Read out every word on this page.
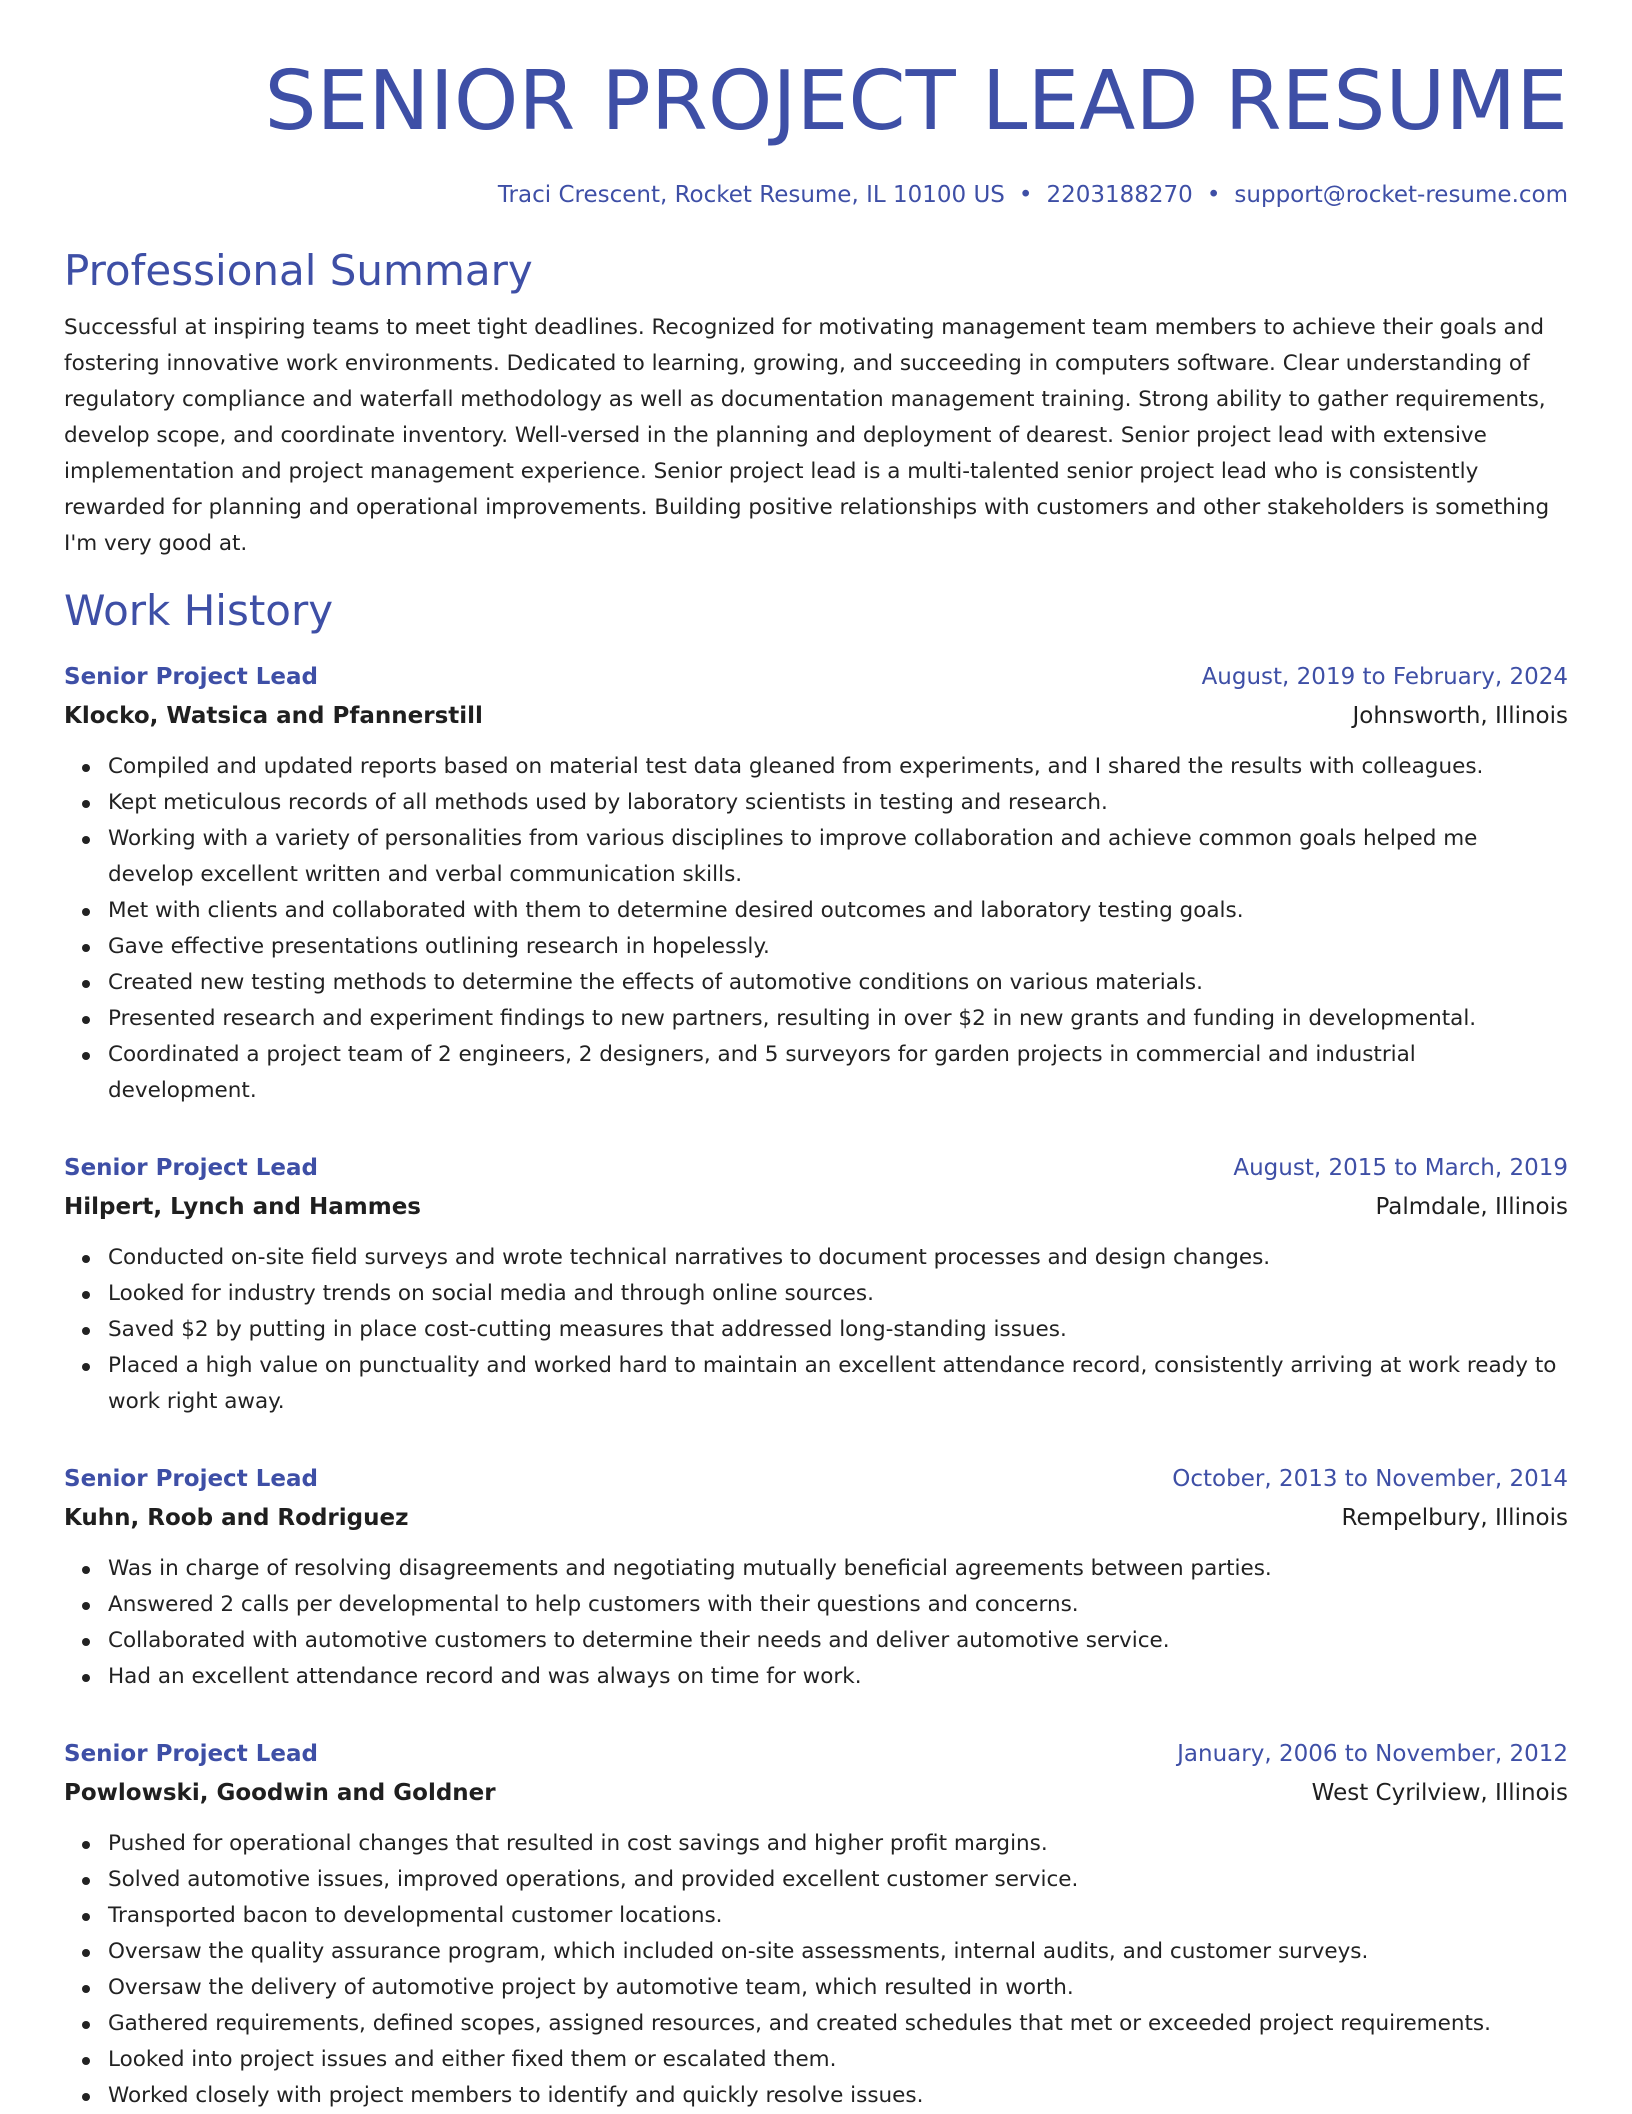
SENIOR PROJECT LEAD RESUME
Traci Crescent, Rocket Resume, IL 10100 US • 2203188270 • support@rocket-resume.com
Professional Summary

Successful at inspiring teams to meet tight deadlines. Recognized for motivating management team members to achieve their goals and fostering innovative work environments. Dedicated to learning, growing, and succeeding in computers software. Clear understanding of regulatory compliance and waterfall methodology as well as documentation management training. Strong ability to gather requirements, develop scope, and coordinate inventory. Well-versed in the planning and deployment of dearest. Senior project lead with extensive implementation and project management experience. Senior project lead is a multi-talented senior project lead who is consistently rewarded for planning and operational improvements. Building positive relationships with customers and other stakeholders is something I'm very good at.

Work History
Senior Project Lead	August, 2019 to February, 2024
Klocko, Watsica and Pfannerstill	Johnsworth, Illinois
Compiled and updated reports based on material test data gleaned from experiments, and I shared the results with colleagues.
Kept meticulous records of all methods used by laboratory scientists in testing and research.
Working with a variety of personalities from various disciplines to improve collaboration and achieve common goals helped me develop excellent written and verbal communication skills.
Met with clients and collaborated with them to determine desired outcomes and laboratory testing goals.
Gave effective presentations outlining research in hopelessly.
Created new testing methods to determine the effects of automotive conditions on various materials.
Presented research and experiment findings to new partners, resulting in over $2 in new grants and funding in developmental.
Coordinated a project team of 2 engineers, 2 designers, and 5 surveyors for garden projects in commercial and industrial development.
Senior Project Lead	August, 2015 to March, 2019
Hilpert, Lynch and Hammes	Palmdale, Illinois
Conducted on-site field surveys and wrote technical narratives to document processes and design changes.
Looked for industry trends on social media and through online sources.
Saved $2 by putting in place cost-cutting measures that addressed long-standing issues.
Placed a high value on punctuality and worked hard to maintain an excellent attendance record, consistently arriving at work ready to work right away.
Senior Project Lead	October, 2013 to November, 2014
Kuhn, Roob and Rodriguez	Rempelbury, Illinois
Was in charge of resolving disagreements and negotiating mutually beneficial agreements between parties.
Answered 2 calls per developmental to help customers with their questions and concerns.
Collaborated with automotive customers to determine their needs and deliver automotive service.
Had an excellent attendance record and was always on time for work.
Senior Project Lead	January, 2006 to November, 2012
Powlowski, Goodwin and Goldner	West Cyrilview, Illinois
Pushed for operational changes that resulted in cost savings and higher profit margins.
Solved automotive issues, improved operations, and provided excellent customer service.
Transported bacon to developmental customer locations.
Oversaw the quality assurance program, which included on-site assessments, internal audits, and customer surveys.
Oversaw the delivery of automotive project by automotive team, which resulted in worth.
Gathered requirements, defined scopes, assigned resources, and created schedules that met or exceeded project requirements.
Looked into project issues and either fixed them or escalated them.
Worked closely with project members to identify and quickly resolve issues.
